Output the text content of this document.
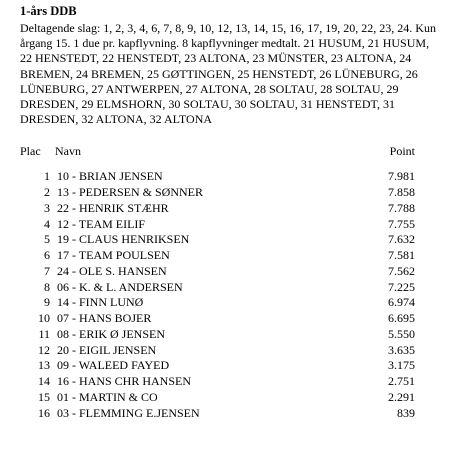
1-års DDB

Deltagende slag: 1, 2, 3, 4, 6, 7, 8, 9, 10, 12, 13, 14, 15, 16, 17, 19, 20, 22, 23, 24. Kun årgang 15. 1 due pr. kapflyvning. 8 kapflyvninger medtalt. 21 HUSUM, 21 HUSUM, 22 HENSTEDT, 22 HENSTEDT, 23 ALTONA, 23 MÜNSTER, 23 ALTONA, 24 BREMEN, 24 BREMEN, 25 GØTTINGEN, 25 HENSTEDT, 26 LÜNEBURG, 26 LÜNEBURG, 27 ANTWERPEN, 27 ALTONA, 28 SOLTAU, 28 SOLTAU, 29 DRESDEN, 29 ELMSHORN, 30 SOLTAU, 30 SOLTAU, 31 HENSTEDT, 31 DRESDEN, 32 ALTONA, 32 ALTONA

Plac Navn	Point
1 10 - BRIAN JENSEN	7.981
2 13 - PEDERSEN & SØNNER	7.858
3 22 - HENRIK STÆHR	7.788
4 12 - TEAM EILIF	7.755
5 19 - CLAUS HENRIKSEN	7.632
6 17 - TEAM POULSEN	7.581
7 24 - OLE S. HANSEN	7.562
8 06 - K. & L. ANDERSEN	7.225
9 14 - FINN LUNØ	6.974
10 07 - HANS BOJER	6.695
11 08 - ERIK Ø JENSEN	5.550
12 20 - EIGIL JENSEN	3.635
13 09 - WALEED FAYED	3.175
14 16 - HANS CHR HANSEN	2.751
15 01 - MARTIN & CO	2.291
16 03 - FLEMMING E.JENSEN	839
